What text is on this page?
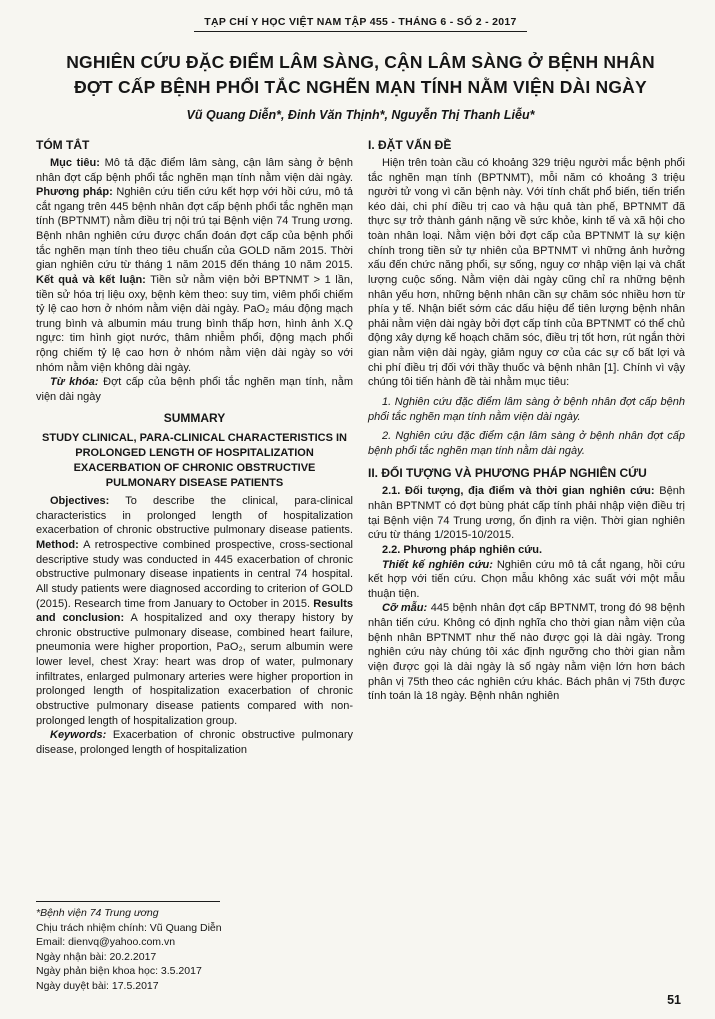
TẠP CHÍ Y HỌC VIỆT NAM TẬP 455 - THÁNG 6 - SỐ 2 - 2017
NGHIÊN CỨU ĐẶC ĐIỂM LÂM SÀNG, CẬN LÂM SÀNG Ở BỆNH NHÂN
ĐỢT CẤP BỆNH PHỔI TẮC NGHẼN MẠN TÍNH NẰM VIỆN DÀI NGÀY
Vũ Quang Diễn*, Đinh Văn Thịnh*, Nguyễn Thị Thanh Liễu*
TÓM TẮT

Mục tiêu: Mô tả đặc điểm lâm sàng, cận lâm sàng ở bệnh nhân đợt cấp bệnh phổi tắc nghẽn mạn tính nằm viện dài ngày. Phương pháp: Nghiên cứu tiến cứu kết hợp với hồi cứu, mô tả cắt ngang trên 445 bệnh nhân đợt cấp bệnh phổi tắc nghẽn mạn tính (BPTNMT) nằm điều trị nội trú tại Bệnh viện 74 Trung ương. Bệnh nhân nghiên cứu được chẩn đoán đợt cấp của bệnh phổi tắc nghẽn mạn tính theo tiêu chuẩn của GOLD năm 2015. Thời gian nghiên cứu từ tháng 1 năm 2015 đến tháng 10 năm 2015. Kết quả và kết luận: Tiền sử nằm viện bởi BPTNMT > 1 lần, tiền sử hóa trị liệu oxy, bệnh kèm theo: suy tim, viêm phổi chiếm tỷ lệ cao hơn ở nhóm nằm viện dài ngày. PaO₂ máu động mạch trung bình và albumin máu trung bình thấp hơn, hình ảnh X.Q ngực: tim hình giọt nước, thâm nhiễm phổi, động mạch phổi rộng chiếm tỷ lệ cao hơn ở nhóm nằm viện dài ngày so với nhóm nằm viện không dài ngày.

Từ khóa: Đợt cấp của bệnh phổi tắc nghẽn mạn tính, nằm viện dài ngày

SUMMARY
STUDY CLINICAL, PARA-CLINICAL CHARACTERISTICS IN PROLONGED LENGTH OF HOSPITALIZATION EXACERBATION OF CHRONIC OBSTRUCTIVE PULMONARY DISEASE PATIENTS

Objectives: To describe the clinical, para-clinical characteristics in prolonged length of hospitalization exacerbation of chronic obstructive pulmonary disease patients. Method: A retrospective combined prospective, cross-sectional descriptive study was conducted in 445 exacerbation of chronic obstructive pulmonary disease inpatients in central 74 hospital. All study patients were diagnosed according to criterion of GOLD (2015). Research time from January to October in 2015. Results and conclusion: A hospitalized and oxy therapy history by chronic obstructive pulmonary disease, combined heart failure, pneumonia were higher proportion, PaO₂, serum albumin were lower level, chest Xray: heart was drop of water, pulmonary infiltrates, enlarged pulmonary arteries were higher proportion in prolonged length of hospitalization exacerbation of chronic obstructive pulmonary disease patients compared with non-prolonged length of hospitalization group.

Keywords: Exacerbation of chronic obstructive pulmonary disease, prolonged length of hospitalization

*Bệnh viện 74 Trung ương
Chịu trách nhiệm chính: Vũ Quang Diễn
Email: dienvq@yahoo.com.vn
Ngày nhận bài: 20.2.2017
Ngày phản biện khoa học: 3.5.2017
Ngày duyệt bài: 17.5.2017
I. ĐẶT VẤN ĐỀ

Hiện trên toàn cầu có khoảng 329 triệu người mắc bệnh phổi tắc nghẽn mạn tính (BPTNMT), mỗi năm có khoảng 3 triệu người tử vong vì căn bệnh này. Với tính chất phổ biến, tiến triển kéo dài, chi phí điều trị cao và hậu quả tàn phế, BPTNMT đã thực sự trở thành gánh nặng về sức khỏe, kinh tế và xã hội cho toàn nhân loại. Nằm viện bởi đợt cấp của BPTNMT là sự kiện chính trong tiền sử tự nhiên của BPTNMT vì những ảnh hưởng xấu đến chức năng phổi, sự sống, nguy cơ nhập viện lại và chất lượng cuộc sống. Nằm viện dài ngày cũng chỉ ra những bệnh nhân yếu hơn, những bệnh nhân cần sự chăm sóc nhiều hơn từ phía y tế. Nhận biết sớm các dấu hiệu để tiên lượng bệnh nhân phải nằm viện dài ngày bởi đợt cấp tính của BPTNMT có thể chủ động xây dựng kế hoạch chăm sóc, điều trị tốt hơn, rút ngắn thời gian nằm viện dài ngày, giảm nguy cơ của các sự cố bất lợi và chi phí điều trị đối với thầy thuốc và bệnh nhân [1]. Chính vì vậy chúng tôi tiến hành đề tài nhằm mục tiêu:

1. Nghiên cứu đặc điểm lâm sàng ở bệnh nhân đợt cấp bệnh phổi tắc nghẽn mạn tính nằm viện dài ngày.

2. Nghiên cứu đặc điểm cận lâm sàng ở bệnh nhân đợt cấp bệnh phổi tắc nghẽn mạn tính nằm dài ngày.

II. ĐỐI TƯỢNG VÀ PHƯƠNG PHÁP NGHIÊN CỨU

2.1. Đối tượng, địa điểm và thời gian nghiên cứu: Bệnh nhân BPTNMT có đợt bùng phát cấp tính phải nhập viện điều trị tại Bệnh viện 74 Trung ương, ổn định ra viện. Thời gian nghiên cứu từ tháng 1/2015-10/2015.

2.2. Phương pháp nghiên cứu.

Thiết kế nghiên cứu: Nghiên cứu mô tả cắt ngang, hồi cứu kết hợp với tiến cứu. Chọn mẫu không xác suất với một mẫu thuận tiện.

Cỡ mẫu: 445 bệnh nhân đợt cấp BPTNMT, trong đó 98 bệnh nhân tiến cứu. Không có định nghĩa cho thời gian nằm viện của bệnh nhân BPTNMT như thế nào được gọi là dài ngày. Trong nghiên cứu này chúng tôi xác định ngưỡng cho thời gian nằm viện được gọi là dài ngày là số ngày nằm viện lớn hơn bách phân vị 75th theo các nghiên cứu khác. Bách phân vị 75th được tính toán là 18 ngày. Bệnh nhân nghiên

51
